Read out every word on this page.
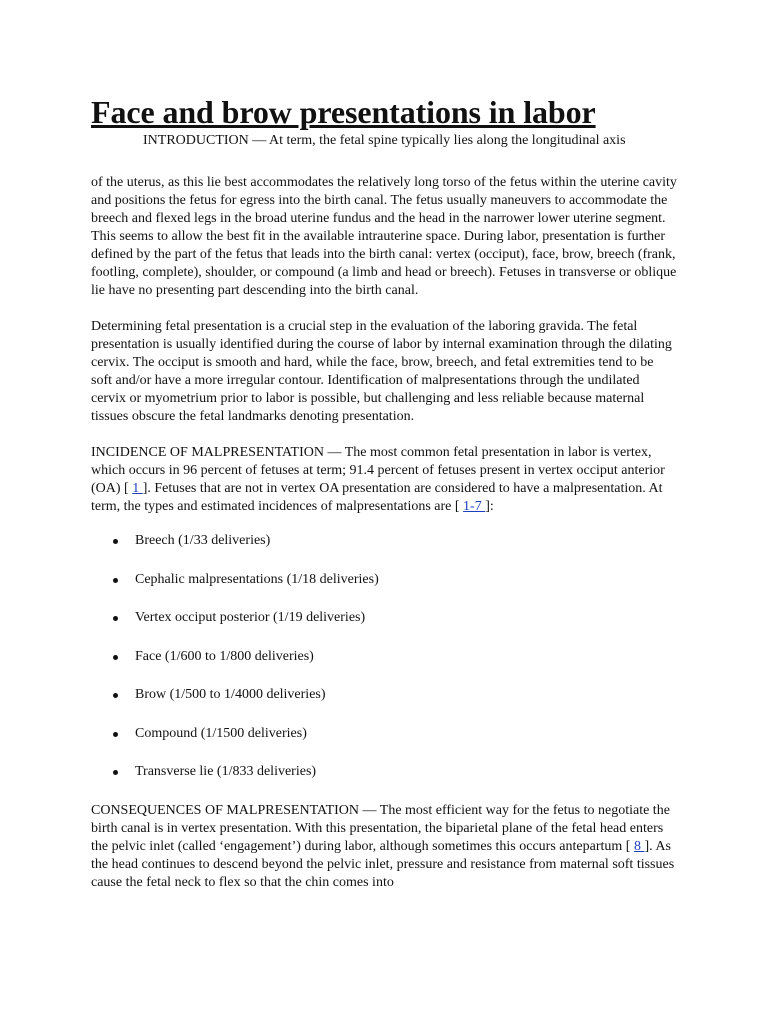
Face and brow presentations in labor

INTRODUCTION — At term, the fetal spine typically lies along the longitudinal axis

of the uterus, as this lie best accommodates the relatively long torso of the fetus within the uterine cavity and positions the fetus for egress into the birth canal. The fetus usually maneuvers to accommodate the breech and flexed legs in the broad uterine fundus and the head in the narrower lower uterine segment. This seems to allow the best fit in the available intrauterine space. During labor, presentation is further defined by the part of the fetus that leads into the birth canal: vertex (occiput), face, brow, breech (frank, footling, complete), shoulder, or compound (a limb and head or breech). Fetuses in transverse or oblique lie have no presenting part descending into the birth canal.

Determining fetal presentation is a crucial step in the evaluation of the laboring gravida. The fetal presentation is usually identified during the course of labor by internal examination through the dilating cervix. The occiput is smooth and hard, while the face, brow, breech, and fetal extremities tend to be soft and/or have a more irregular contour. Identification of malpresentations through the undilated cervix or myometrium prior to labor is possible, but challenging and less reliable because maternal tissues obscure the fetal landmarks denoting presentation.

INCIDENCE OF MALPRESENTATION — The most common fetal presentation in labor is vertex, which occurs in 96 percent of fetuses at term; 91.4 percent of fetuses present in vertex occiput anterior (OA) [ 1 ]. Fetuses that are not in vertex OA presentation are considered to have a malpresentation. At term, the types and estimated incidences of malpresentations are [ 1-7 ]:

Breech (1/33 deliveries)
Cephalic malpresentations (1/18 deliveries)
Vertex occiput posterior (1/19 deliveries)
Face (1/600 to 1/800 deliveries)
Brow (1/500 to 1/4000 deliveries)
Compound (1/1500 deliveries)
Transverse lie (1/833 deliveries)

CONSEQUENCES OF MALPRESENTATION — The most efficient way for the fetus to negotiate the birth canal is in vertex presentation. With this presentation, the biparietal plane of the fetal head enters the pelvic inlet (called ‘engagement’) during labor, although sometimes this occurs antepartum [ 8 ]. As the head continues to descend beyond the pelvic inlet, pressure and resistance from maternal soft tissues cause the fetal neck to flex so that the chin comes into
